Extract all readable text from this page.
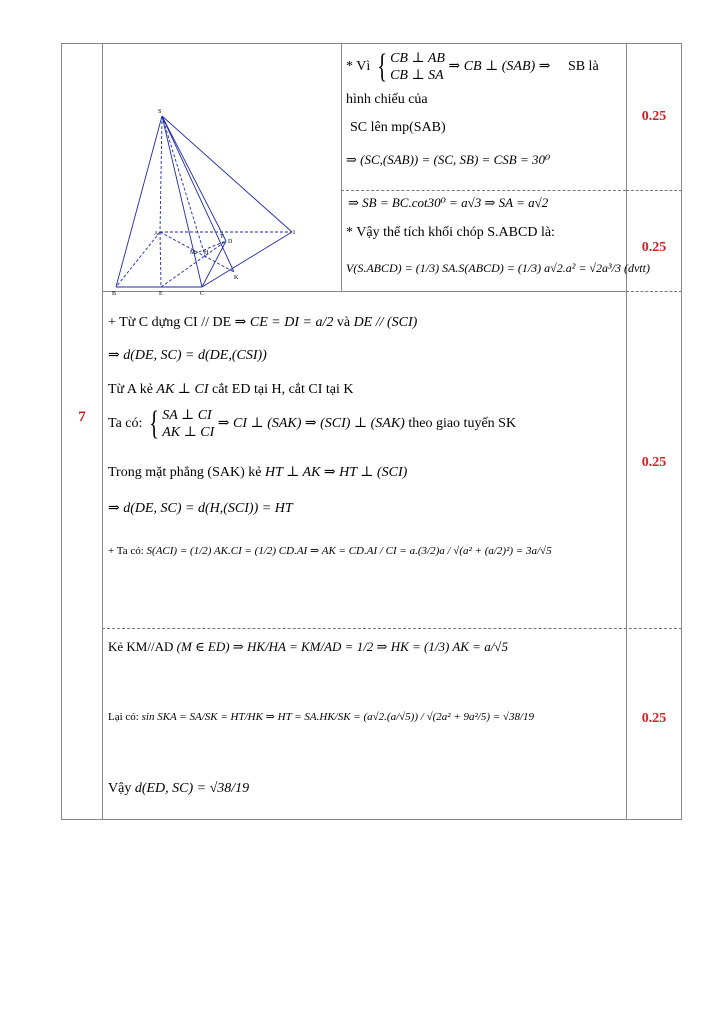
7
0.25
0.25
0.25
0.25
S
A
B	C
D
E
I
H
M
K
T
* Vì { CB ⊥ AB
CB ⊥ SA
⇒ CB ⊥ (SAB) ⇒ SB là
hình chiếu của
SC lên mp(SAB)
⇒ (SC,(SAB)) = (SC, SB) = CSB = 30⁰
⇒ SB = BC.cot30⁰ = a√3 ⇒ SA = a√2
* Vậy thể tích khối chóp S.ABCD là:
V(S.ABCD) = (1/3) SA.S(ABCD) = (1/3) a√2.a² = √2a³/3 (dvtt)
+ Từ C dựng CI // DE ⇒ CE = DI = a/2 và DE // (SCI)
⇒ d(DE, SC) = d(DE,(CSI))
Từ A kẻ AK ⊥ CI cắt ED tại H, cắt CI tại K
Ta có: { SA ⊥ CI
AK ⊥ CI
⇒ CI ⊥ (SAK) ⇒ (SCI) ⊥ (SAK) theo giao tuyến SK
Trong mặt phẳng (SAK) kẻ HT ⊥ AK ⇒ HT ⊥ (SCI)
⇒ d(DE, SC) = d(H,(SCI)) = HT
+ Ta có: S(ACI) = (1/2) AK.CI = (1/2) CD.AI ⇒ AK = CD.AI / CI = a.(3/2)a / √(a² + (a/2)²) = 3a/√5
Kẻ KM//AD (M ∈ ED) ⇒ HK/HA = KM/AD = 1/2 ⇒ HK = (1/3) AK = a/√5
Lại có: sin SKA = SA/SK = HT/HK ⇒ HT = SA.HK/SK = (a√2.(a/√5)) / √(2a² + 9a²/5) = √38/19
Vậy d(ED, SC) = √38/19
